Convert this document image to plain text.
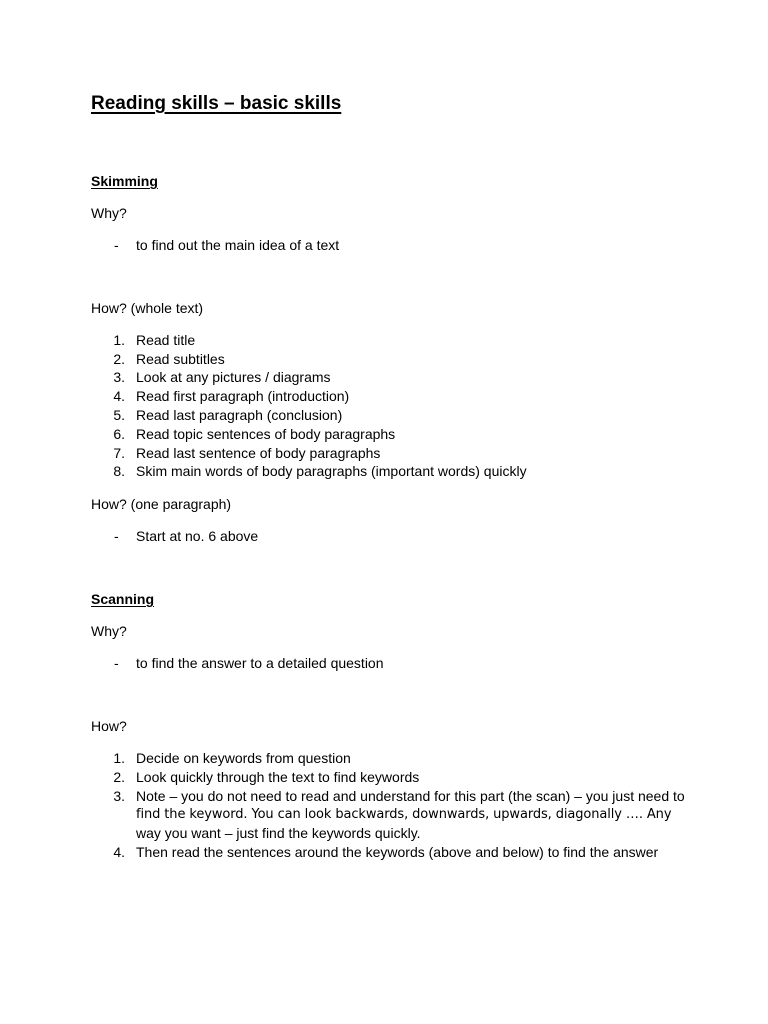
Reading skills – basic skills
Skimming
Why?
-	to find out the main idea of a text
How? (whole text)
1. Read title
2. Read subtitles
3. Look at any pictures / diagrams
4. Read first paragraph (introduction)
5. Read last paragraph (conclusion)
6. Read topic sentences of body paragraphs
7. Read last sentence of body paragraphs
8. Skim main words of body paragraphs (important words) quickly
How? (one paragraph)
-	Start at no. 6 above
Scanning
Why?
-	to find the answer to a detailed question
How?
1. Decide on keywords from question
2. Look quickly through the text to find keywords
3. Note – you do not need to read and understand for this part (the scan) – you just need to
find the keyword. You can look backwards, downwards, upwards, diagonally …. Any
way you want – just find the keywords quickly.
4. Then read the sentences around the keywords (above and below) to find the answer
